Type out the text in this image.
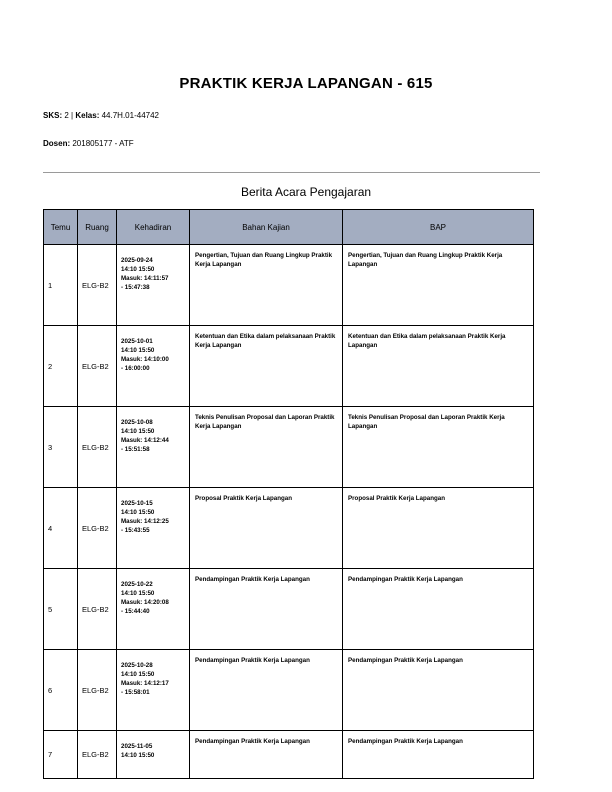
PRAKTIK KERJA LAPANGAN - 615
SKS: 2 | Kelas: 44.7H.01-44742
Dosen: 201805177 - ATF
Berita Acara Pengajaran
Temu	Ruang	Kehadiran	Bahan Kajian	BAP
1	ELG-B2	2025-09-24
14:10 15:50
Masuk: 14:11:57
- 15:47:38	Pengertian, Tujuan dan Ruang Lingkup Praktik Kerja Lapangan	Pengertian, Tujuan dan Ruang Lingkup Praktik Kerja Lapangan
2	ELG-B2	2025-10-01
14:10 15:50
Masuk: 14:10:00
- 16:00:00	Ketentuan dan Etika dalam pelaksanaan Praktik Kerja Lapangan	Ketentuan dan Etika dalam pelaksanaan Praktik Kerja Lapangan
3	ELG-B2	2025-10-08
14:10 15:50
Masuk: 14:12:44
- 15:51:58	Teknis Penulisan Proposal dan Laporan Praktik Kerja Lapangan	Teknis Penulisan Proposal dan Laporan Praktik Kerja Lapangan
4	ELG-B2	2025-10-15
14:10 15:50
Masuk: 14:12:25
- 15:43:55	Proposal Praktik Kerja Lapangan	Proposal Praktik Kerja Lapangan
5	ELG-B2	2025-10-22
14:10 15:50
Masuk: 14:20:08
- 15:44:40	Pendampingan Praktik Kerja Lapangan	Pendampingan Praktik Kerja Lapangan
6	ELG-B2	2025-10-28
14:10 15:50
Masuk: 14:12:17
- 15:58:01	Pendampingan Praktik Kerja Lapangan	Pendampingan Praktik Kerja Lapangan
7	ELG-B2	2025-11-05
14:10 15:50	Pendampingan Praktik Kerja Lapangan	Pendampingan Praktik Kerja Lapangan
